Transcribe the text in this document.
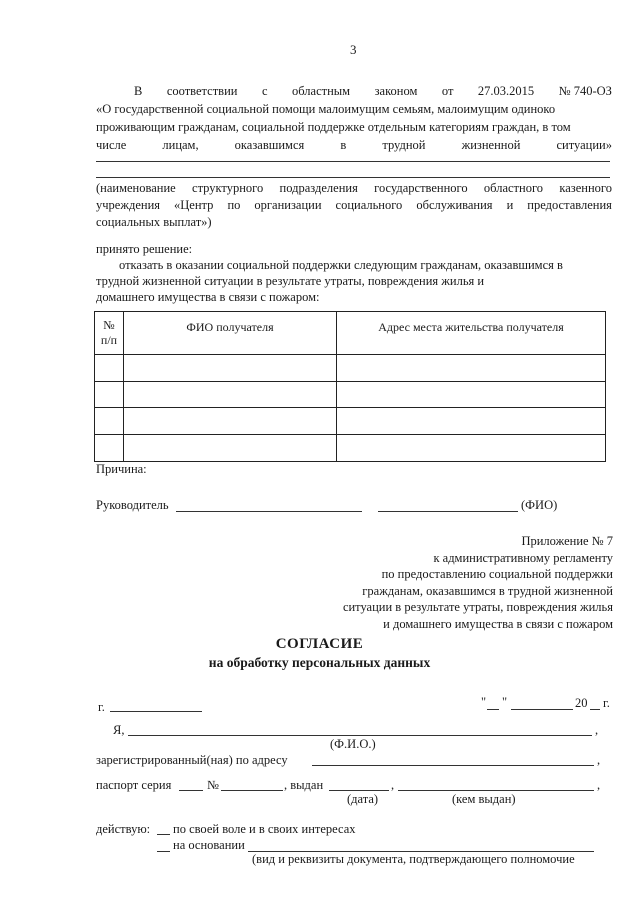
3
В соответствии с областным законом от 27.03.2015 № 740-ОЗ
«О государственной социальной помощи малоимущим семьям, малоимущим одиноко
проживающим гражданам, социальной поддержке отдельным категориям граждан, в том
числе	лицам,	оказавшимся	в	трудной	жизненной	ситуации»
(наименование структурного подразделения государственного областного казенного
учреждения «Центр по организации социального обслуживания и предоставления
социальных выплат»)
принято решение:
отказать в оказании социальной поддержки следующим гражданам, оказавшимся в
трудной жизненной ситуации в результате утраты, повреждения жилья и
домашнего имущества в связи с пожаром:
№
п/п	ФИО получателя	Адрес места жительства получателя

Причина:
Руководитель	(ФИО)
Приложение № 7
к административному регламенту
по предоставлению социальной поддержки
гражданам, оказавшимся в трудной жизненной
ситуации в результате утраты, повреждения жилья
и домашнего имущества в связи с пожаром
СОГЛАСИЕ
на обработку персональных данных
г.	" "	20 г.
Я,	,
(Ф.И.О.)
зарегистрированный(ная) по адресу	,
паспорт серия	№	, выдан	,	,
(дата)	(кем выдан)
действую: по своей воле и в своих интересах
на основании
(вид и реквизиты документа, подтверждающего полномочие
